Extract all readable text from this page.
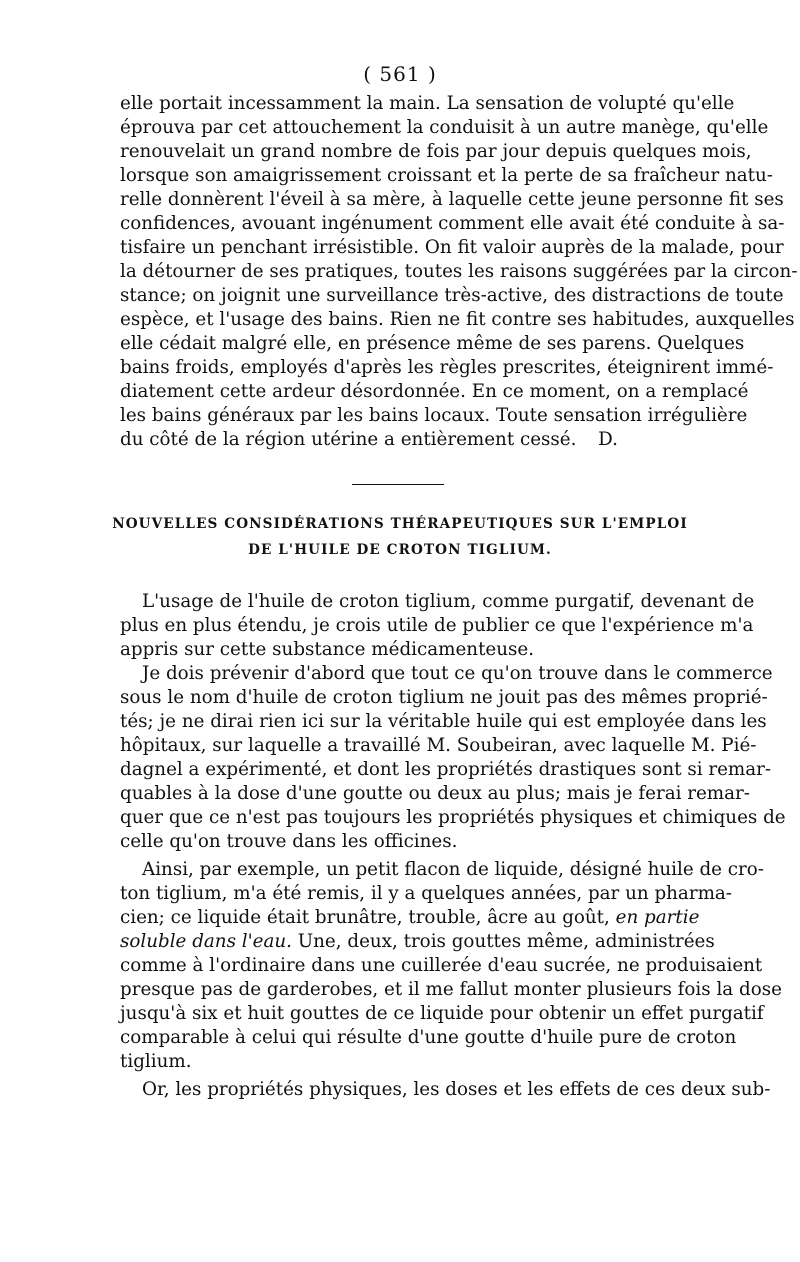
( 561 )
elle portait incessamment la main. La sensation de volupté qu'elle
éprouva par cet attouchement la conduisit à un autre manège, qu'elle
renouvelait un grand nombre de fois par jour depuis quelques mois,
lorsque son amaigrissement croissant et la perte de sa fraîcheur natu-
relle donnèrent l'éveil à sa mère, à laquelle cette jeune personne fit ses
confidences, avouant ingénument comment elle avait été conduite à sa-
tisfaire un penchant irrésistible. On fit valoir auprès de la malade, pour
la détourner de ses pratiques, toutes les raisons suggérées par la circon-
stance; on joignit une surveillance très-active, des distractions de toute
espèce, et l'usage des bains. Rien ne fit contre ses habitudes, auxquelles
elle cédait malgré elle, en présence même de ses parens. Quelques
bains froids, employés d'après les règles prescrites, éteignirent immé-
diatement cette ardeur désordonnée. En ce moment, on a remplacé
les bains généraux par les bains locaux. Toute sensation irrégulière
du côté de la région utérine a entièrement cessé. D.
NOUVELLES CONSIDÉRATIONS THÉRAPEUTIQUES SUR L'EMPLOI
DE L'HUILE DE CROTON TIGLIUM.
L'usage de l'huile de croton tiglium, comme purgatif, devenant de
plus en plus étendu, je crois utile de publier ce que l'expérience m'a
appris sur cette substance médicamenteuse.
Je dois prévenir d'abord que tout ce qu'on trouve dans le commerce
sous le nom d'huile de croton tiglium ne jouit pas des mêmes proprié-
tés; je ne dirai rien ici sur la véritable huile qui est employée dans les
hôpitaux, sur laquelle a travaillé M. Soubeiran, avec laquelle M. Pié-
dagnel a expérimenté, et dont les propriétés drastiques sont si remar-
quables à la dose d'une goutte ou deux au plus; mais je ferai remar-
quer que ce n'est pas toujours les propriétés physiques et chimiques de
celle qu'on trouve dans les officines.
Ainsi, par exemple, un petit flacon de liquide, désigné huile de cro-
ton tiglium, m'a été remis, il y a quelques années, par un pharma-
cien; ce liquide était brunâtre, trouble, âcre au goût, en partie
soluble dans l'eau. Une, deux, trois gouttes même, administrées
comme à l'ordinaire dans une cuillerée d'eau sucrée, ne produisaient
presque pas de garderobes, et il me fallut monter plusieurs fois la dose
jusqu'à six et huit gouttes de ce liquide pour obtenir un effet purgatif
comparable à celui qui résulte d'une goutte d'huile pure de croton
tiglium.
Or, les propriétés physiques, les doses et les effets de ces deux sub-
